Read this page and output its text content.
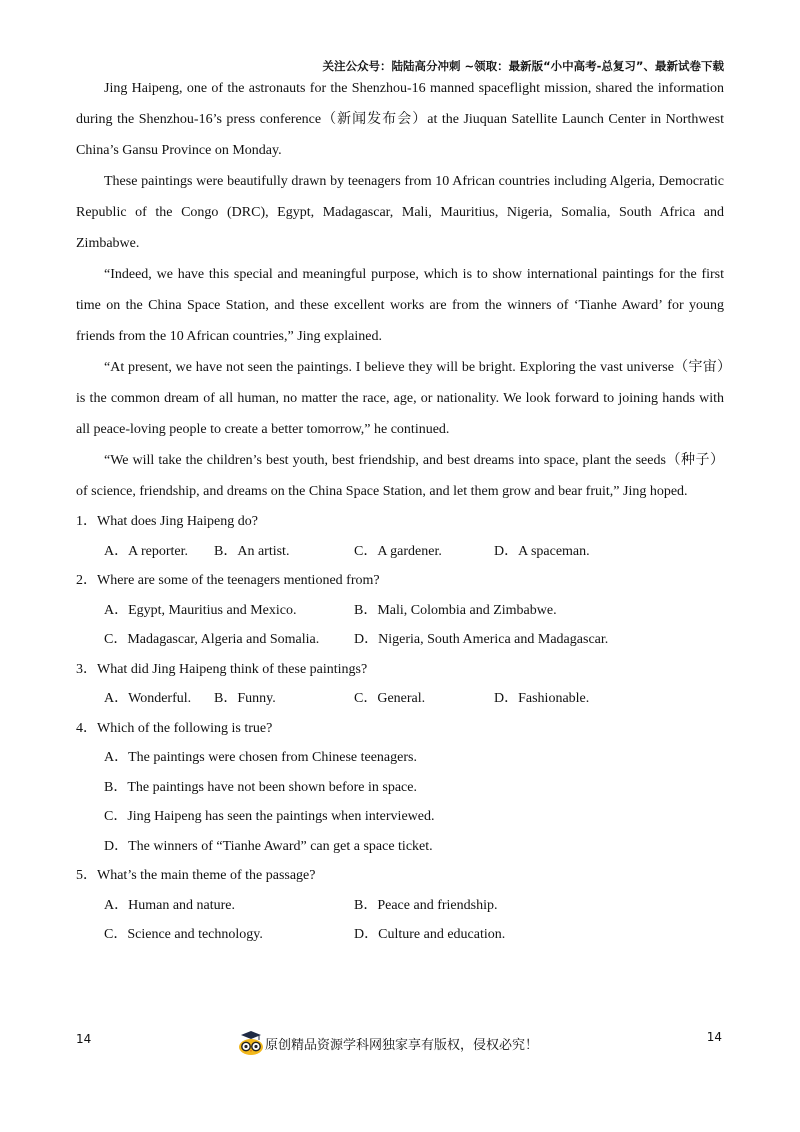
关注公众号：陆陆高分冲刺 ~领取：最新版“小中高考-总复习”、最新试卷下载

Jing Haipeng, one of the astronauts for the Shenzhou-16 manned spaceflight mission, shared the information during the Shenzhou-16’s press conference（新闻发布会）at the Jiuquan Satellite Launch Center in Northwest China’s Gansu Province on Monday.

These paintings were beautifully drawn by teenagers from 10 African countries including Algeria, Democratic Republic of the Congo (DRC), Egypt, Madagascar, Mali, Mauritius, Nigeria, Somalia, South Africa and Zimbabwe.

“Indeed, we have this special and meaningful purpose, which is to show international paintings for the first time on the China Space Station, and these excellent works are from the winners of ‘Tianhe Award’ for young friends from the 10 African countries,” Jing explained.

“At present, we have not seen the paintings. I believe they will be bright. Exploring the vast universe（宇宙）is the common dream of all human, no matter the race, age, or nationality. We look forward to joining hands with all peace-loving people to create a better tomorrow,” he continued.

“We will take the children’s best youth, best friendship, and best dreams into space, plant the seeds（种子）of science, friendship, and dreams on the China Space Station, and let them grow and bear fruit,” Jing hoped.

1．What does Jing Haipeng do?
A．A reporter. B．An artist.	C．A gardener.	D．A spaceman.
2．Where are some of the teenagers mentioned from?
A．Egypt, Mauritius and Mexico.	B．Mali, Colombia and Zimbabwe.
C．Madagascar, Algeria and Somalia. D．Nigeria, South America and Madagascar.
3．What did Jing Haipeng think of these paintings?
A．Wonderful. B．Funny.	C．General.	D．Fashionable.
4．Which of the following is true?
A．The paintings were chosen from Chinese teenagers.
B．The paintings have not been shown before in space.
C．Jing Haipeng has seen the paintings when interviewed.
D．The winners of “Tianhe Award” can get a space ticket.
5．What’s the main theme of the passage?
A．Human and nature.	B．Peace and friendship.
C．Science and technology.	D．Culture and education.
14	原创精品资源学科网独家享有版权，侵权必究！
14
